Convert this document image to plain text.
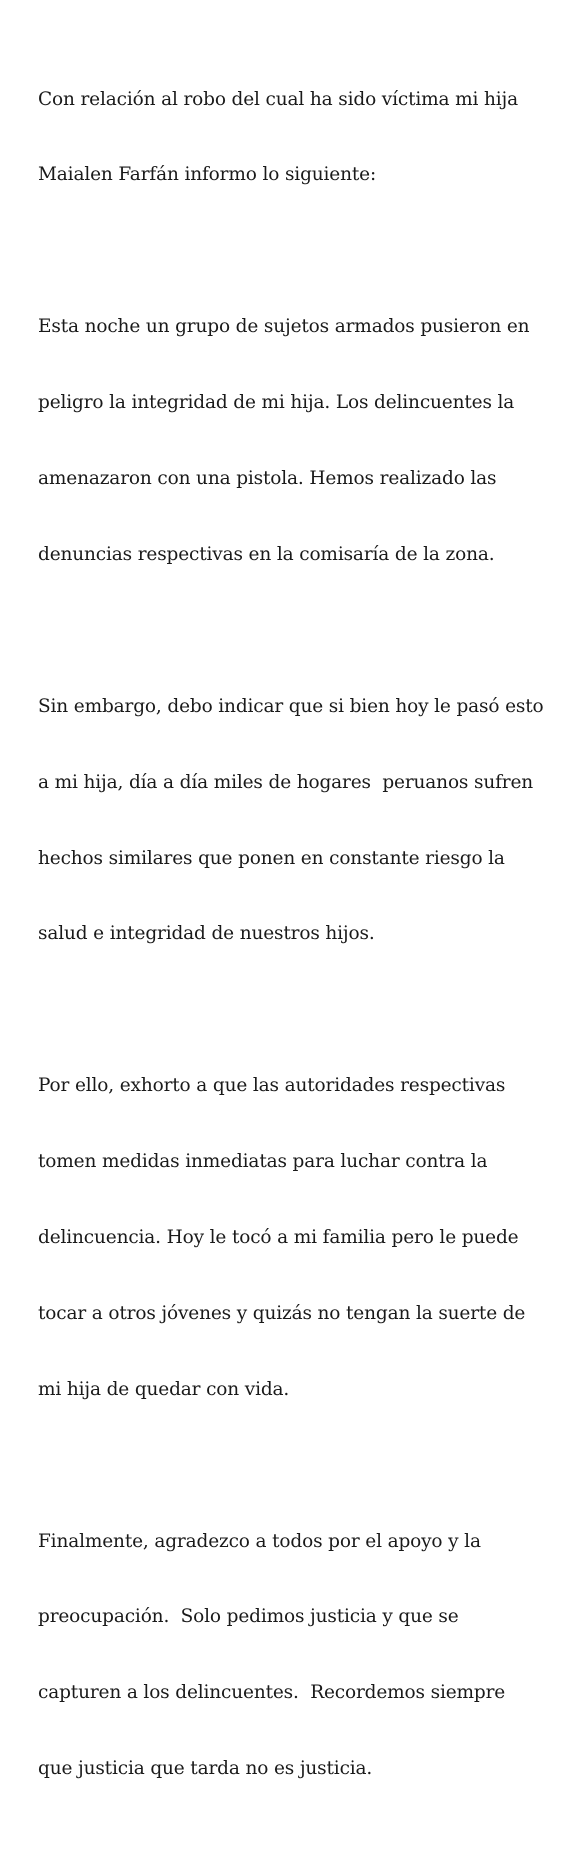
Con relación al robo del cual ha sido víctima mi hija

Maialen Farfán informo lo siguiente:

Esta noche un grupo de sujetos armados pusieron en

peligro la integridad de mi hija. Los delincuentes la

amenazaron con una pistola. Hemos realizado las

denuncias respectivas en la comisaría de la zona.

Sin embargo, debo indicar que si bien hoy le pasó esto

a mi hija, día a día miles de hogares  peruanos sufren

hechos similares que ponen en constante riesgo la

salud e integridad de nuestros hijos.

Por ello, exhorto a que las autoridades respectivas

tomen medidas inmediatas para luchar contra la

delincuencia. Hoy le tocó a mi familia pero le puede

tocar a otros jóvenes y quizás no tengan la suerte de

mi hija de quedar con vida.

Finalmente, agradezco a todos por el apoyo y la

preocupación.  Solo pedimos justicia y que se

capturen a los delincuentes.  Recordemos siempre

que justicia que tarda no es justicia.
